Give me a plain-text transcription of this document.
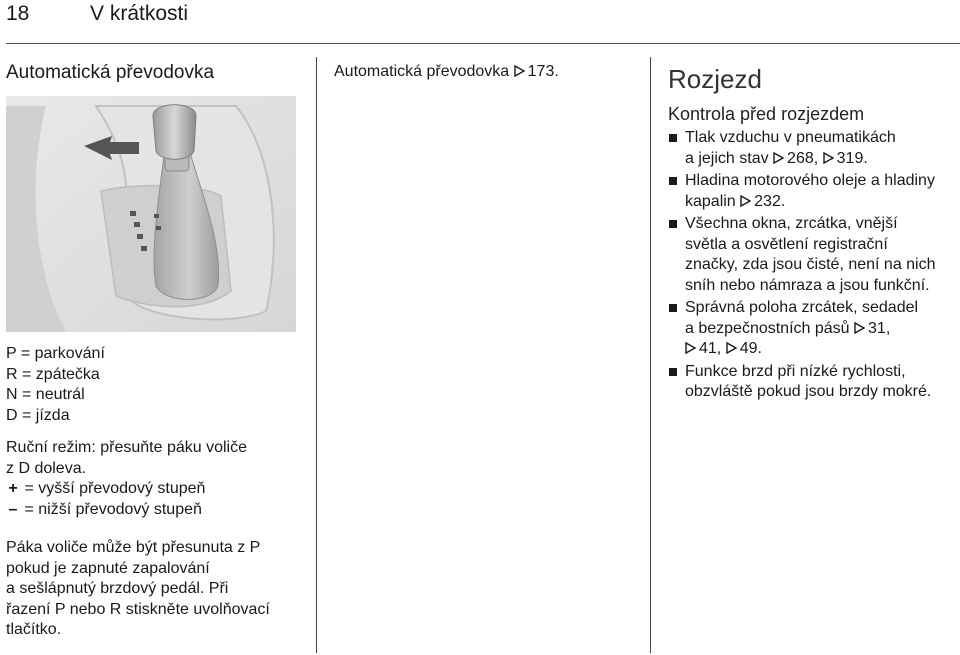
18	V krátkosti
Automatická převodovka
P = parkování
R = zpátečka
N = neutrál
D = jízda
Ruční režim: přesuňte páku voliče
z D doleva.
+ = vyšší převodový stupeň
– = nižší převodový stupeň
Páka voliče může být přesunuta z P
pokud je zapnuté zapalování
a sešlápnutý brzdový pedál. Při
řazení P nebo R stiskněte uvolňovací
tlačítko.
Automatická převodovka 173.	Rozjezd
Kontrola před rozjezdem
Tlak vzduchu v pneumatikách
a jejich stav 268, 319.
Hladina motorového oleje a hladiny
kapalin 232.
Všechna okna, zrcátka, vnější
světla a osvětlení registrační
značky, zda jsou čisté, není na nich
sníh nebo námraza a jsou funkční.
Správná poloha zrcátek, sedadel
a bezpečnostních pásů 31,
41, 49.
Funkce brzd při nízké rychlosti,
obzvláště pokud jsou brzdy mokré.
